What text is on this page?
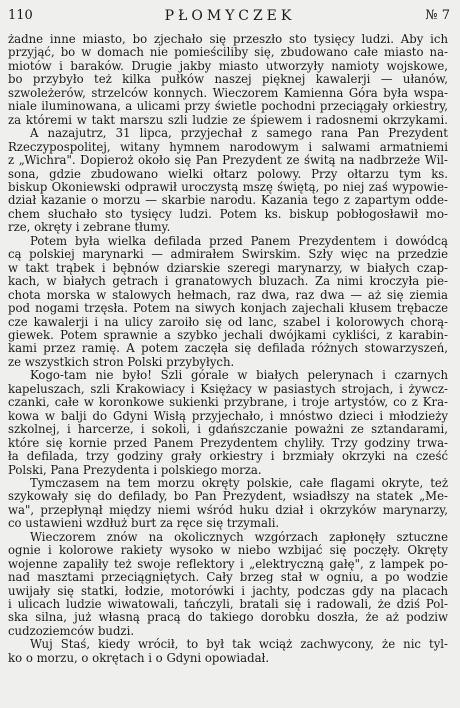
110	PŁOMYCZEK	№ 7
żadne inne miasto, bo zjechało się przeszło sto tysięcy ludzi. Aby ich
przyjąć, bo w domach nie pomieściliby się, zbudowano całe miasto na-
miotów i baraków. Drugie jakby miasto utworzyły namioty wojskowe,
bo przybyło też kilka pułków naszej pięknej kawalerji — ułanów,
szwoleżerów, strzelców konnych. Wieczorem Kamienna Góra była wspa-
niale iluminowana, a ulicami przy świetle pochodni przeciągały orkiestry,
za któremi w takt marszu szli ludzie ze śpiewem i radosnemi okrzykami.
A nazajutrz, 31 lipca, przyjechał z samego rana Pan Prezydent
Rzeczypospolitej, witany hymnem narodowym i salwami armatniemi
z „Wichra". Dopieroż około się Pan Prezydent ze świtą na nadbrzeże Wil-
sona, gdzie zbudowano wielki ołtarz polowy. Przy ołtarzu tym ks.
biskup Okoniewski odprawił uroczystą mszę świętą, po niej zaś wypowie-
dział kazanie o morzu — skarbie narodu. Kazania tego z zapartym odde-
chem słuchało sto tysięcy ludzi. Potem ks. biskup pobłogosławił mo-
rze, okręty i zebrane tłumy.
Potem była wielka defilada przed Panem Prezydentem i dowódcą
cą polskiej marynarki — admirałem Świrskim. Szły więc na przedzie
w takt trąbek i bębnów dziarskie szeregi marynarzy, w białych czap-
kach, w białych getrach i granatowych bluzach. Za nimi kroczyła pie-
chota morska w stalowych hełmach, raz dwa, raz dwa — aż się ziemia
pod nogami trzęsła. Potem na siwych konjach zajechali kłusem trębacze
cze kawalerji i na ulicy zaroiło się od lanc, szabel i kolorowych chorą-
giewek. Potem sprawnie a szybko jechali dwójkami cykliści, z karabin-
kami przez ramię. A potem zaczęła się defilada różnych stowarzyszeń,
ze wszystkich stron Polski przybyłych.
Kogo-tam nie było! Szli górale w białych pelerynach i czarnych
kapeluszach, szli Krakowiacy i Księżacy w pasiastych strojach, i żywcz-
czanki, całe w koronkowe sukienki przybrane, i troje artystów, co z Kra-
kowa w balji do Gdyni Wisłą przyjechało, i mnóstwo dzieci i młodzieży
szkolnej, i harcerze, i sokoli, i gdańszczanie poważni ze sztandarami,
które się kornie przed Panem Prezydentem chyliły. Trzy godziny trwa-
ła defilada, trzy godziny grały orkiestry i brzmiały okrzyki na cześć
Polski, Pana Prezydenta i polskiego morza.
Tymczasem na tem morzu okręty polskie, całe flagami okryte, też
szykowały się do defilady, bo Pan Prezydent, wsiadłszy na statek „Me-
wa", przepłynął między niemi wśród huku dział i okrzyków marynarzy,
co ustawieni wzdłuż burt za ręce się trzymali.
Wieczorem znów na okolicznych wzgórzach zapłonęły sztuczne
ognie i kolorowe rakiety wysoko w niebo wzbijać się poczęły. Okręty
wojenne zapaliły też swoje reflektory i „elektryczną gałę", z lampek po-
nad masztami przeciągniętych. Cały brzeg stał w ogniu, a po wodzie
uwijały się statki, łodzie, motorówki i jachty, podczas gdy na placach
i ulicach ludzie wiwatowali, tańczyli, bratali się i radowali, że dziś Pol-
ska silna, już własną pracą do takiego dorobku doszła, że aż podziw
cudzoziemców budzi.
Wuj Staś, kiedy wrócił, to był tak wciąż zachwycony, że nic tyl-
ko o morzu, o okrętach i o Gdyni opowiadał.
